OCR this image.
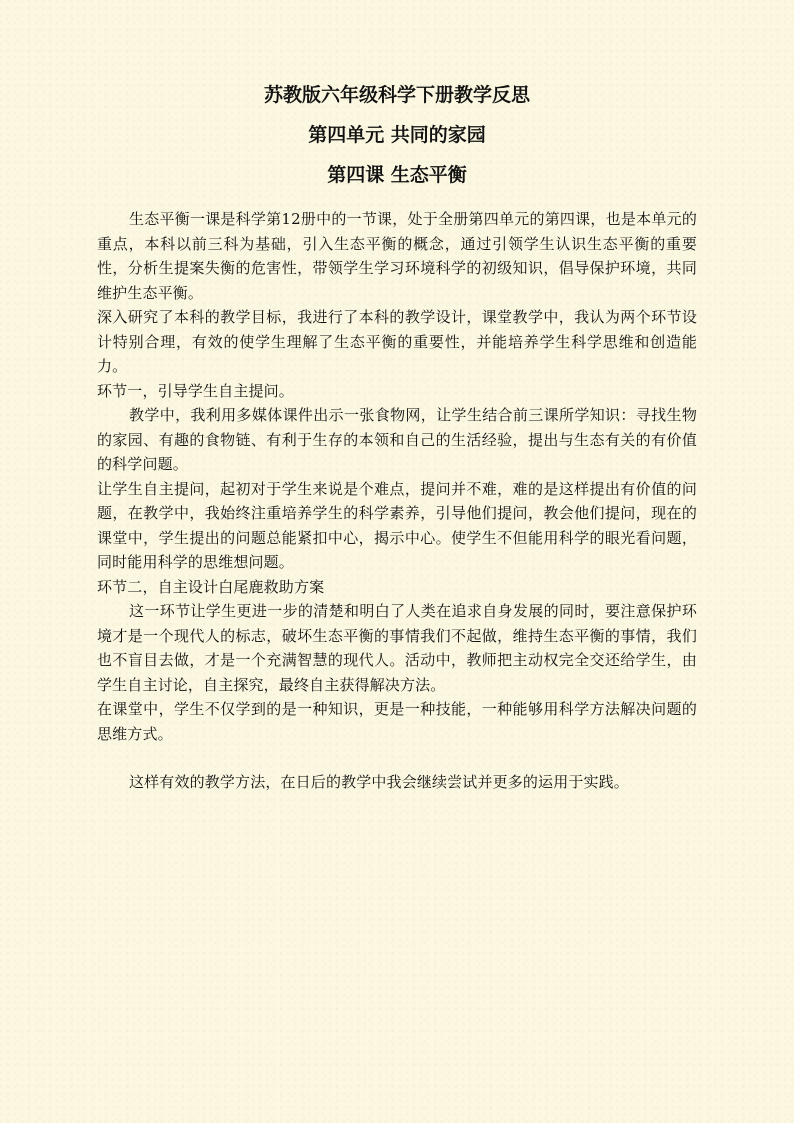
苏教版六年级科学下册教学反思
第四单元 共同的家园
第四课 生态平衡

生态平衡一课是科学第12册中的一节课，处于全册第四单元的第四课，也是本单元的重点，本科以前三科为基础，引入生态平衡的概念，通过引领学生认识生态平衡的重要性，分析生提案失衡的危害性，带领学生学习环境科学的初级知识，倡导保护环境，共同维护生态平衡。

深入研究了本科的教学目标，我进行了本科的教学设计，课堂教学中，我认为两个环节设计特别合理，有效的使学生理解了生态平衡的重要性，并能培养学生科学思维和创造能力。

环节一，引导学生自主提问。

教学中，我利用多媒体课件出示一张食物网，让学生结合前三课所学知识：寻找生物的家园、有趣的食物链、有利于生存的本领和自己的生活经验，提出与生态有关的有价值的科学问题。

让学生自主提问，起初对于学生来说是个难点，提问并不难，难的是这样提出有价值的问题，在教学中，我始终注重培养学生的科学素养，引导他们提问，教会他们提问，现在的课堂中，学生提出的问题总能紧扣中心，揭示中心。使学生不但能用科学的眼光看问题，同时能用科学的思维想问题。

环节二，自主设计白尾鹿救助方案

这一环节让学生更进一步的清楚和明白了人类在追求自身发展的同时，要注意保护环境才是一个现代人的标志，破坏生态平衡的事情我们不起做，维持生态平衡的事情，我们也不盲目去做，才是一个充满智慧的现代人。活动中，教师把主动权完全交还给学生，由学生自主讨论，自主探究，最终自主获得解决方法。

在课堂中，学生不仅学到的是一种知识，更是一种技能，一种能够用科学方法解决问题的思维方式。

这样有效的教学方法，在日后的教学中我会继续尝试并更多的运用于实践。
